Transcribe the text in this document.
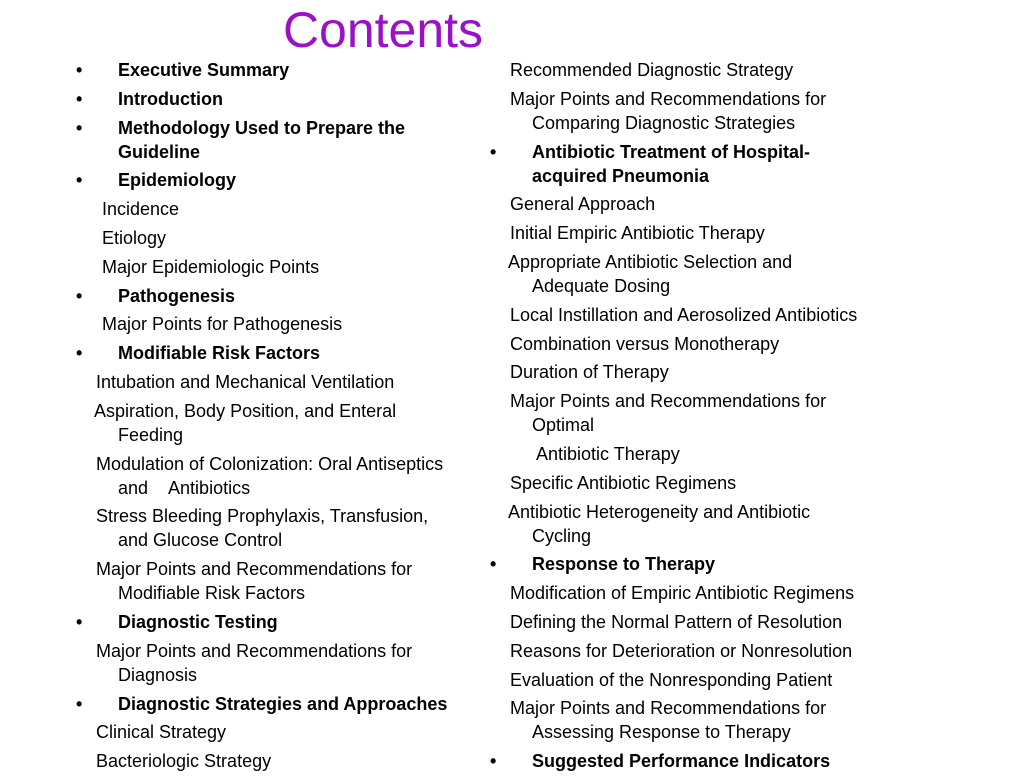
Contents
• Executive Summary
• Introduction
• Methodology Used to Prepare the
Guideline
• Epidemiology
Incidence
Etiology
Major Epidemiologic Points
• Pathogenesis
Major Points for Pathogenesis
• Modifiable Risk Factors
Intubation and Mechanical Ventilation
Aspiration, Body Position, and Enteral
Feeding
Modulation of Colonization: Oral Antiseptics
and    Antibiotics
Stress Bleeding Prophylaxis, Transfusion,
and Glucose Control
Major Points and Recommendations for
Modifiable Risk Factors
• Diagnostic Testing
Major Points and Recommendations for
Diagnosis
• Diagnostic Strategies and Approaches
Clinical Strategy
Bacteriologic Strategy
Recommended Diagnostic Strategy
Major Points and Recommendations for
Comparing Diagnostic Strategies
• Antibiotic Treatment of Hospital-
acquired Pneumonia
General Approach
Initial Empiric Antibiotic Therapy
Appropriate Antibiotic Selection and
Adequate Dosing
Local Instillation and Aerosolized Antibiotics
Combination versus Monotherapy
Duration of Therapy
Major Points and Recommendations for
Optimal
Antibiotic Therapy
Specific Antibiotic Regimens
Antibiotic Heterogeneity and Antibiotic
Cycling
• Response to Therapy
Modification of Empiric Antibiotic Regimens
Defining the Normal Pattern of Resolution
Reasons for Deterioration or Nonresolution
Evaluation of the Nonresponding Patient
Major Points and Recommendations for
Assessing Response to Therapy
• Suggested Performance Indicators
